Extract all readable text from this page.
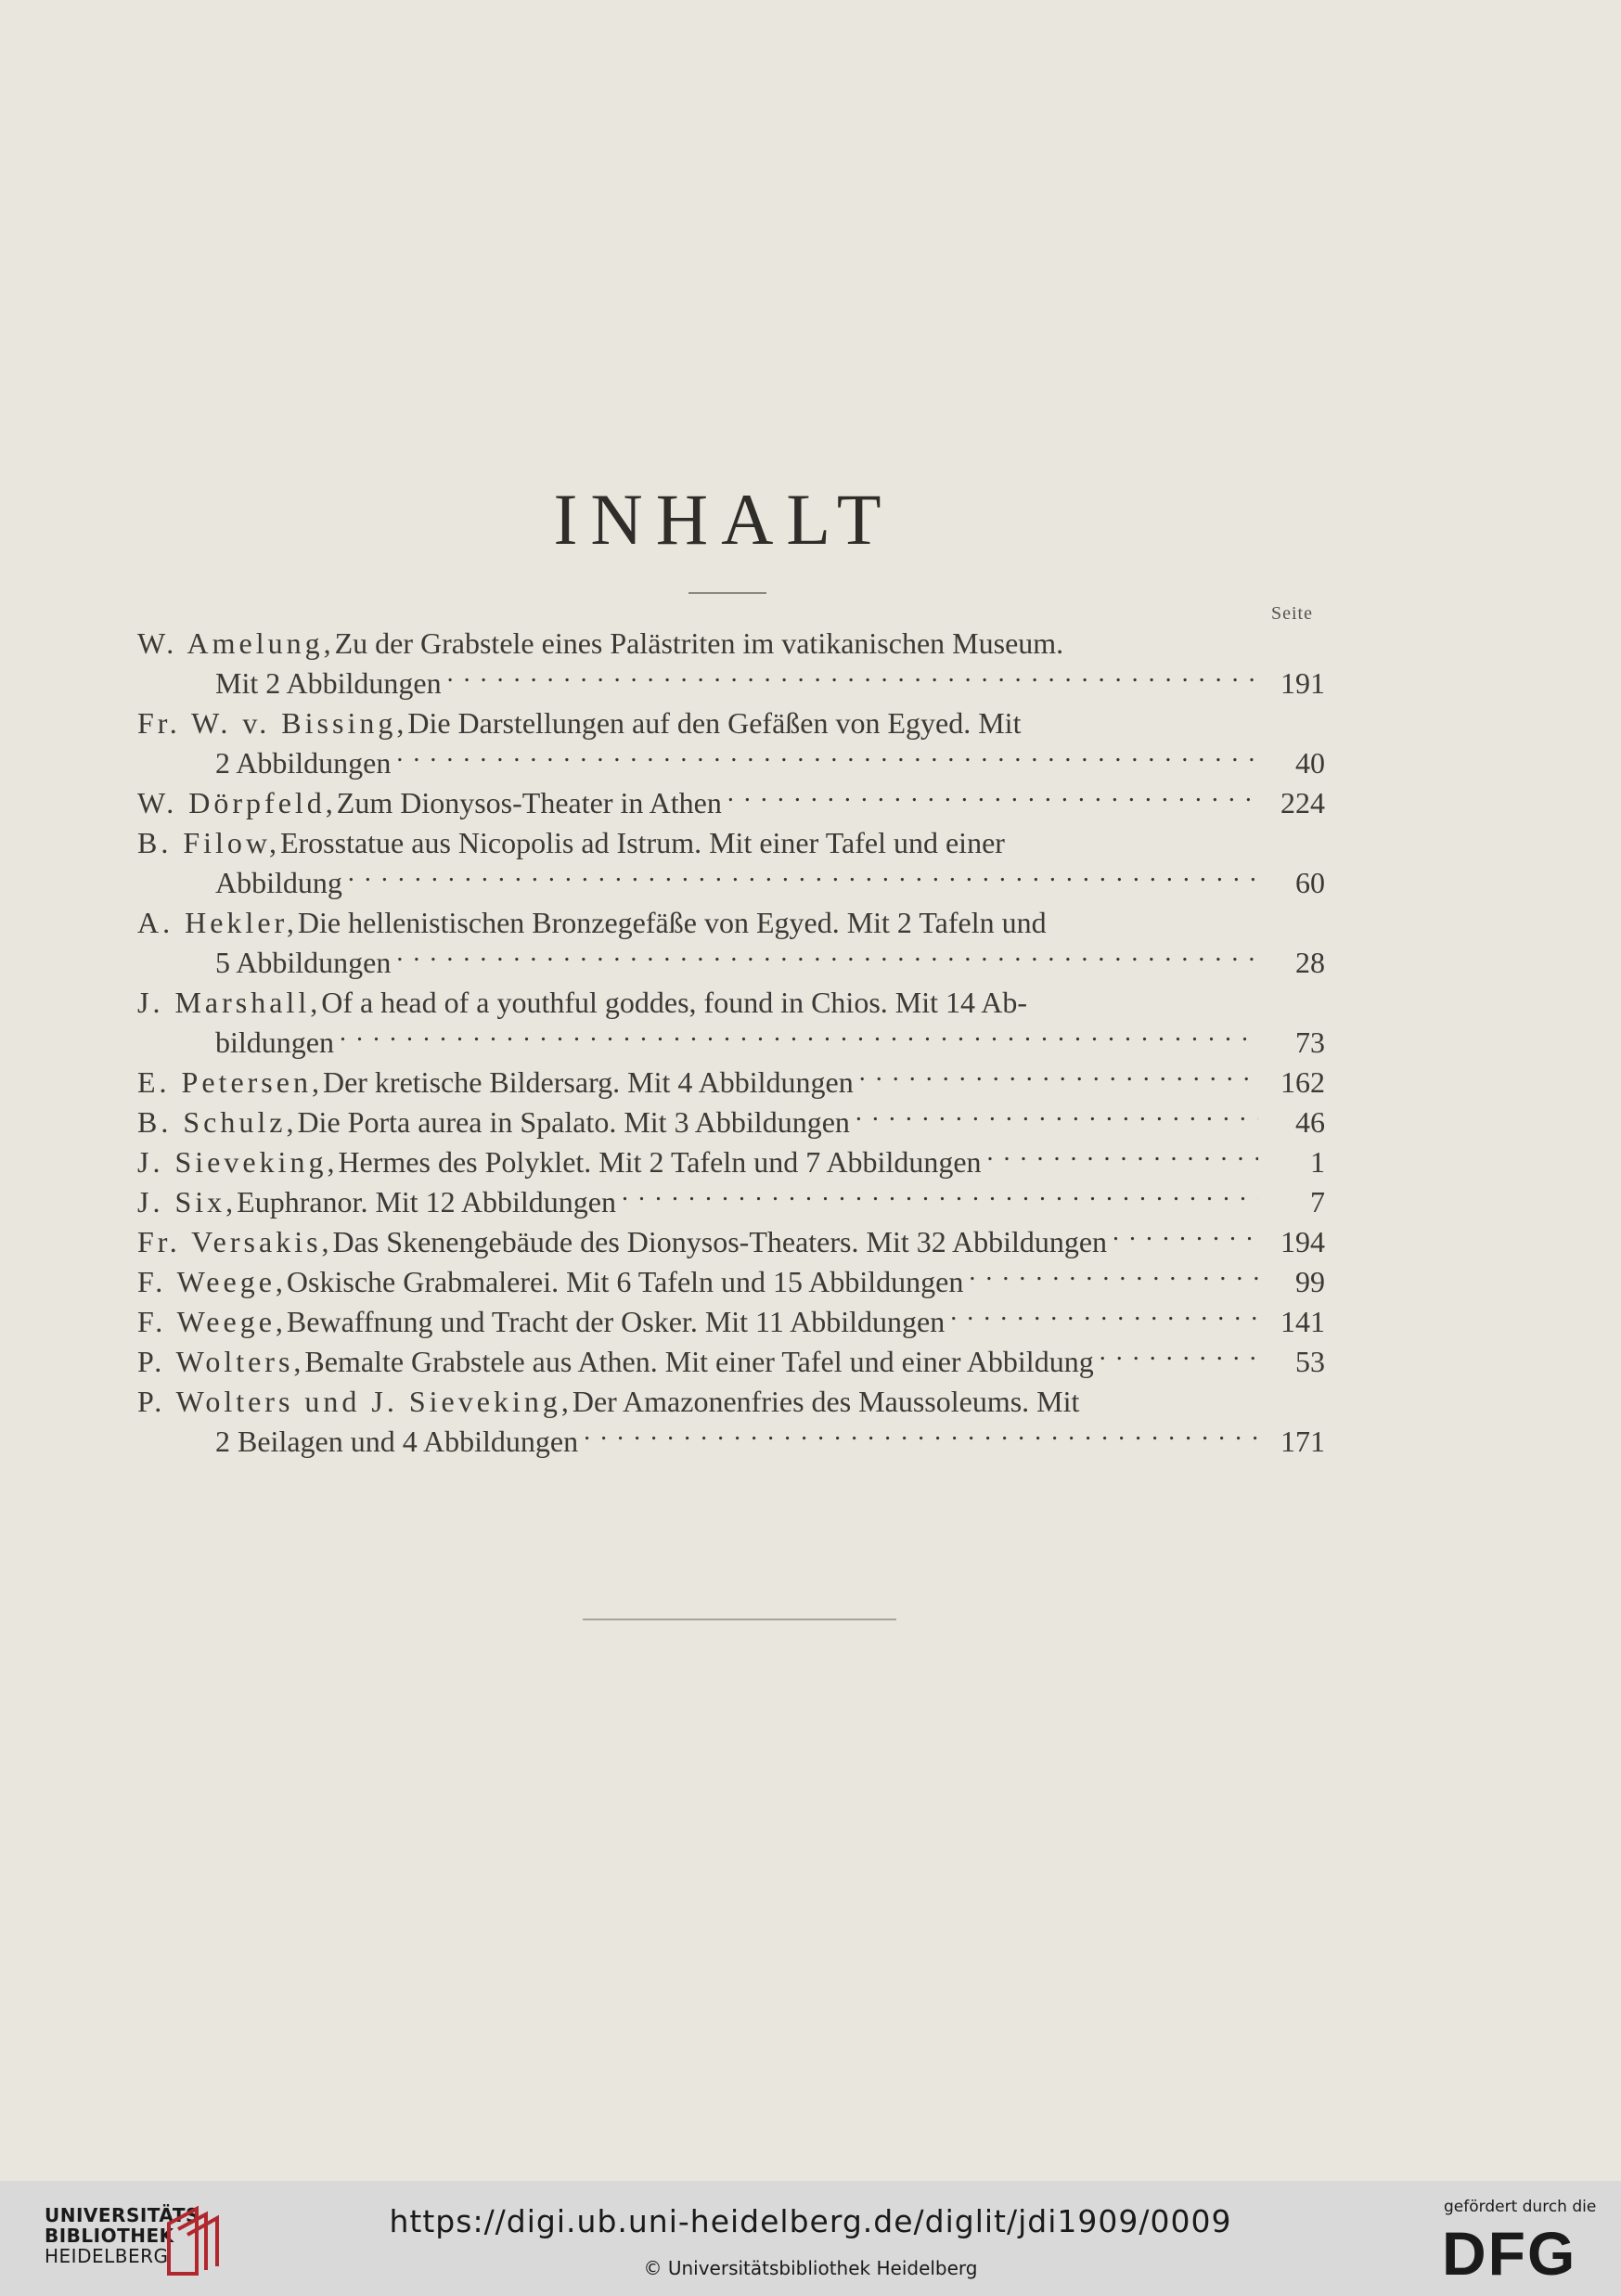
INHALT
Seite
W. Amelung, Zu der Grabstele eines Palästriten im vatikanischen Museum.
Mit 2 Abbildungen . . .	191
Fr. W. v. Bissing, Die Darstellungen auf den Gefäßen von Egyed. Mit
2 Abbildungen . . .	40
W. Dörpfeld, Zum Dionysos-Theater in Athen . . .	224
B. Filow, Erosstatue aus Nicopolis ad Istrum. Mit einer Tafel und einer
Abbildung . . .	60
A. Hekler, Die hellenistischen Bronzegefäße von Egyed. Mit 2 Tafeln und
5 Abbildungen . . .	28
J. Marshall, Of a head of a youthful goddes, found in Chios. Mit 14 Ab-
bildungen . . .	73
E. Petersen, Der kretische Bildersarg. Mit 4 Abbildungen . . .	162
B. Schulz, Die Porta aurea in Spalato. Mit 3 Abbildungen . . .	46
J. Sieveking, Hermes des Polyklet. Mit 2 Tafeln und 7 Abbildungen . . .	1
J. Six, Euphranor. Mit 12 Abbildungen . . .	7
Fr. Versakis, Das Skenengebäude des Dionysos-Theaters. Mit 32 Abbildungen . . .	194
F. Weege, Oskische Grabmalerei. Mit 6 Tafeln und 15 Abbildungen . . .	99
F. Weege, Bewaffnung und Tracht der Osker. Mit 11 Abbildungen . . .	141
P. Wolters, Bemalte Grabstele aus Athen. Mit einer Tafel und einer Abbildung . . .	53
P. Wolters und J. Sieveking, Der Amazonenfries des Maussoleums. Mit
2 Beilagen und 4 Abbildungen . . .	171
UNIVERSITÄTS-
BIBLIOTHEK
HEIDELBERG
https://digi.ub.uni-heidelberg.de/diglit/jdi1909/0009
© Universitätsbibliothek Heidelberg
gefördert durch die
DFG
